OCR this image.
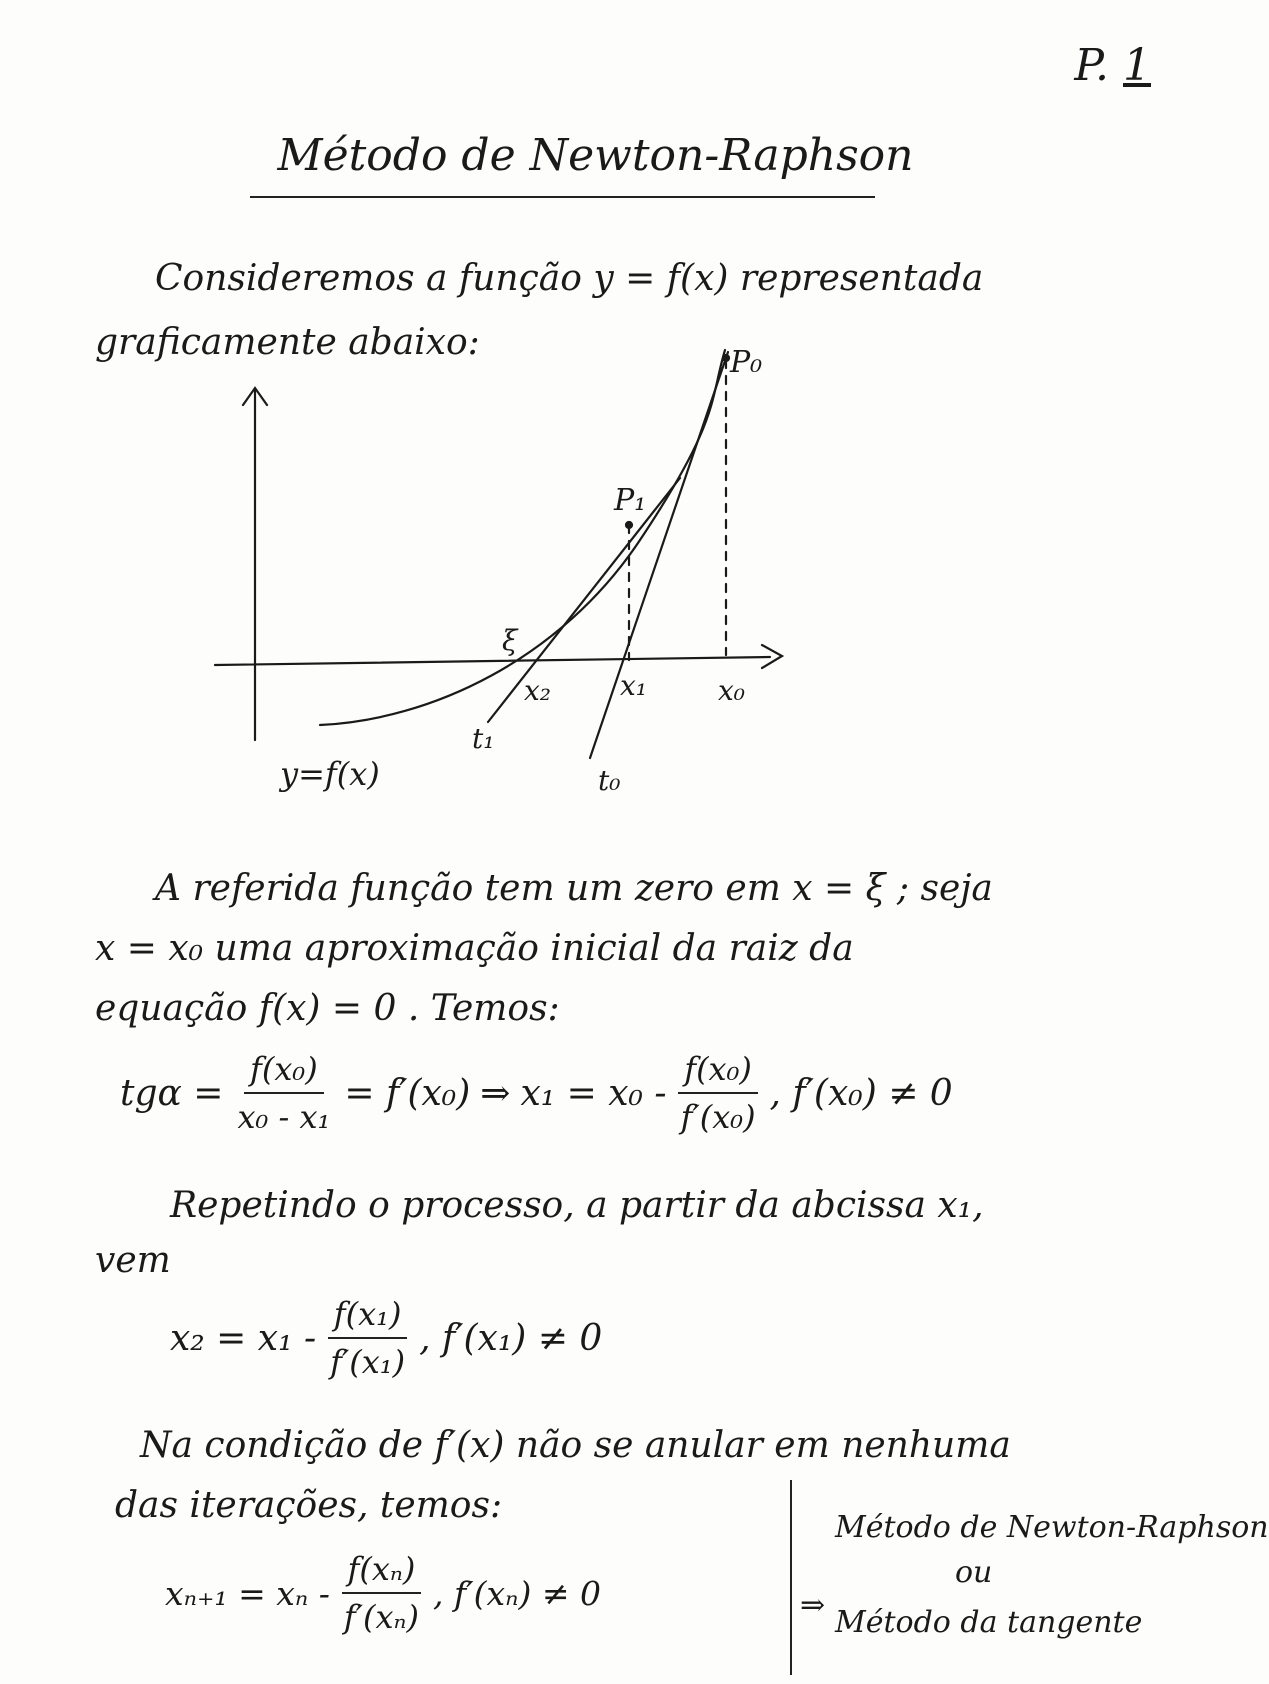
P. 1
Método de Newton-Raphson
Consideremos a função y = f(x) representada
graficamente abaixo:	P₀
P₁
ξ
x₂ x₁	x₀
t₁
t₀
y=f(x)
A referida função tem um zero em x = ξ ; seja
x = x₀ uma aproximação inicial da raiz da
equação f(x) = 0 . Temos:
$tg\alpha = \frac{\text{f(x₀)}}{\text{x₀ - x₁}} = f'(x_0)$ ⇒ $x_1 = x_0 - \frac{\text{f(x₀)}}{\text{f′(x₀)}}$ , f′(x₀) ≠ 0
Repetindo o processo, a partir da abcissa x₁,
vem
$x_2 = x_1 - \frac{\text{f(x₁)}}{\text{f′(x₁)}}$ , f′(x₁) ≠ 0
Na condição de f′(x) não se anular em nenhuma
das iterações, temos:
$x_{n+1} = x_n - \frac{\text{f(xₙ)}}{\text{f′(xₙ)}}$ , f′(xₙ) ≠ 0	⇒
Método de Newton-Raphson
ou
Método da tangente
